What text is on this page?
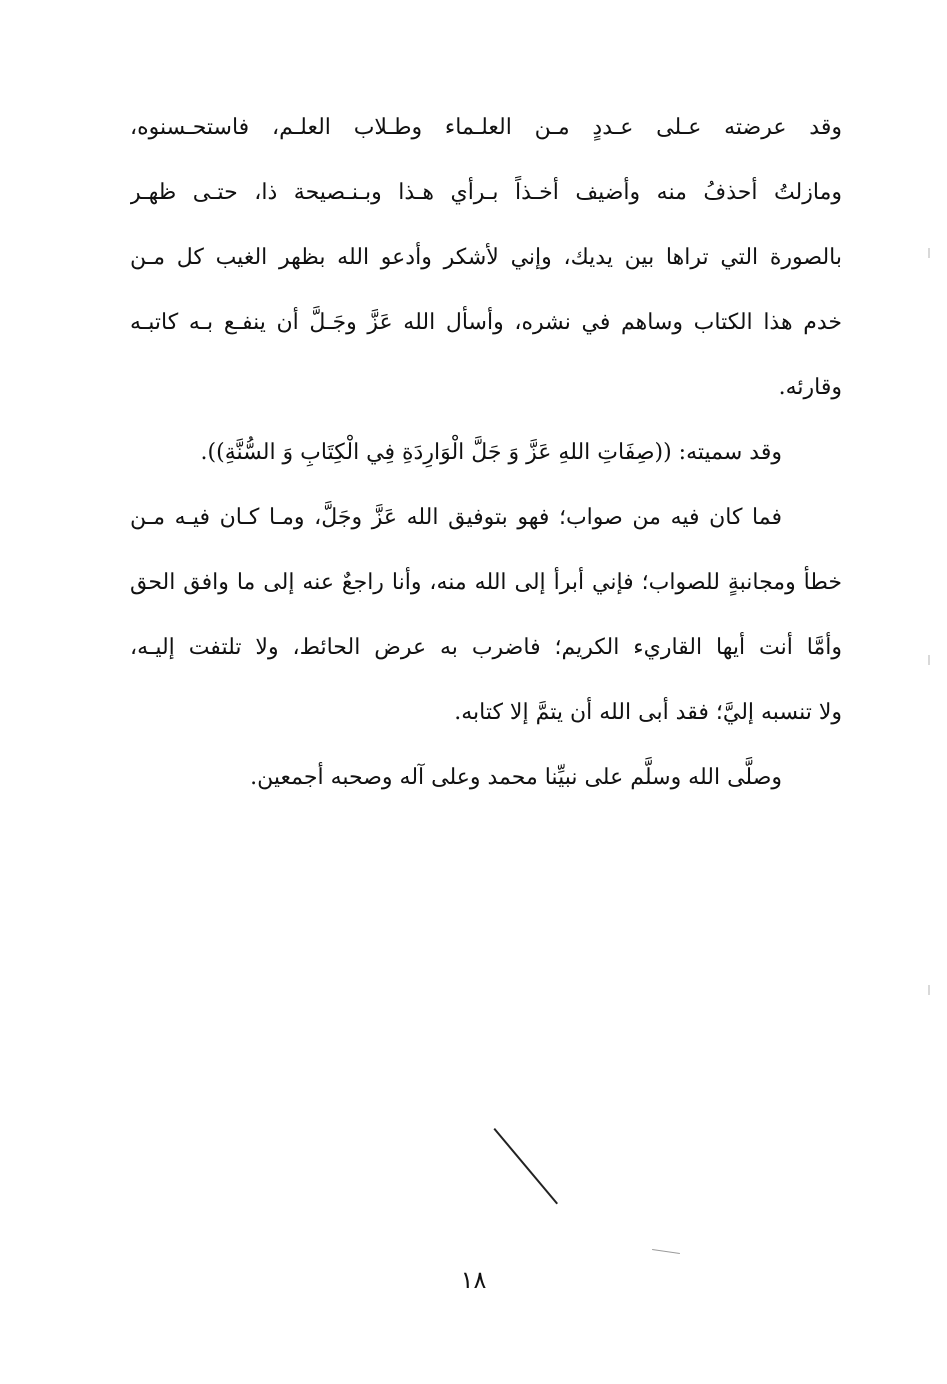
وقد عرضته عـلى عـددٍ مـن العلـماء وطـلاب العلـم، فاستحـسنوه،
ومازلتُ أحذفُ منه وأضيف أخـذاً بـرأي هـذا وبـنـصيحة ذا، حتـى ظهـر
بالصورة التي تراها بين يديك، وإني لأشكر وأدعو الله بظهر الغيب كل مـن
خدم هذا الكتاب وساهم في نشره، وأسأل الله عَزَّ وجَـلَّ أن ينفـع بـه كاتبـه
وقارئه.
وقد سميته: ((صِفَاتِ اللهِ عَزَّ وَ جَلَّ الْوَارِدَةِ فِي الْكِتَابِ وَ السُّنَّةِ)).
فما كان فيه من صواب؛ فهو بتوفيق الله عَزَّ وجَلَّ، ومـا كـان فيـه مـن
خطأ ومجانبةٍ للصواب؛ فإني أبرأ إلى الله منه، وأنا راجعٌ عنه إلى ما وافق الحق
وأمَّا أنت أيها القاريء الكريم؛ فاضرب به عرض الحائط، ولا تلتفت إليـه،
ولا تنسبه إليَّ؛ فقد أبى الله أن يتمَّ إلا كتابه.
وصلَّى الله وسلَّم على نبيِّنا محمد وعلى آله وصحبه أجمعين.
١٨
